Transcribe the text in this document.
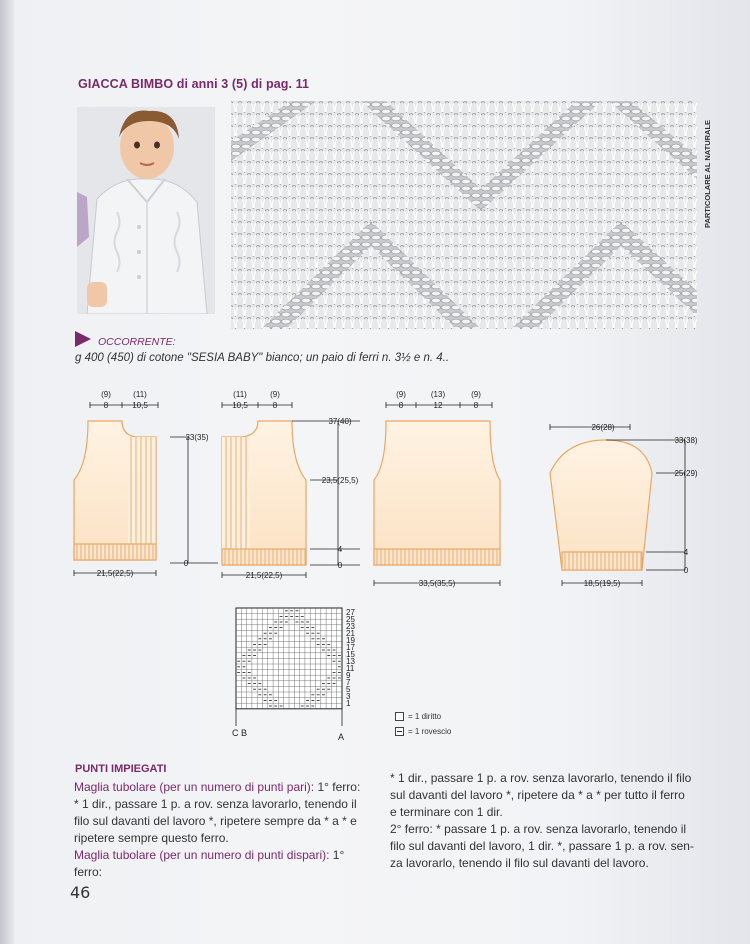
GIACCA BIMBO di anni 3 (5) di pag. 11
PARTICOLARE AL NATURALE
OCCORRENTE:
g 400 (450) di cotone "SESIA BABY" bianco; un paio di ferri n. 3½ e n. 4..
(9)
8
(11)
10,5
33(35)
0
21,5(22,5)
(11)
10,5
(9)
8
37(40)
23,5(25,5)
4
0
21,5(22,5)
(9)
8
(13)
12
(9)
8
33,5(35,5)
26(28)
33(38)
25(29)
4
0
18,5(19,5)
27
25
23
21
19
17
15
13
11
9
7
5
3
1
C B	A
= 1 diritto
= 1 rovescio
PUNTI IMPIEGATI

Maglia tubolare (per un numero di punti pari): 1° ferro:

* 1 dir., passare 1 p. a rov. senza lavorarlo, tenendo il

filo sul davanti del lavoro *, ripetere sempre da * a * e

ripetere sempre questo ferro.

Maglia tubolare (per un numero di punti dispari): 1° ferro:

* 1 dir., passare 1 p. a rov. senza lavorarlo, tenendo il filo

sul davanti del lavoro *, ripetere da * a * per tutto il ferro

e terminare con 1 dir.

2° ferro: * passare 1 p. a rov. senza lavorarlo, tenendo il

filo sul davanti del lavoro, 1 dir. *, passare 1 p. a rov. sen-

za lavorarlo, tenendo il filo sul davanti del lavoro.

46
